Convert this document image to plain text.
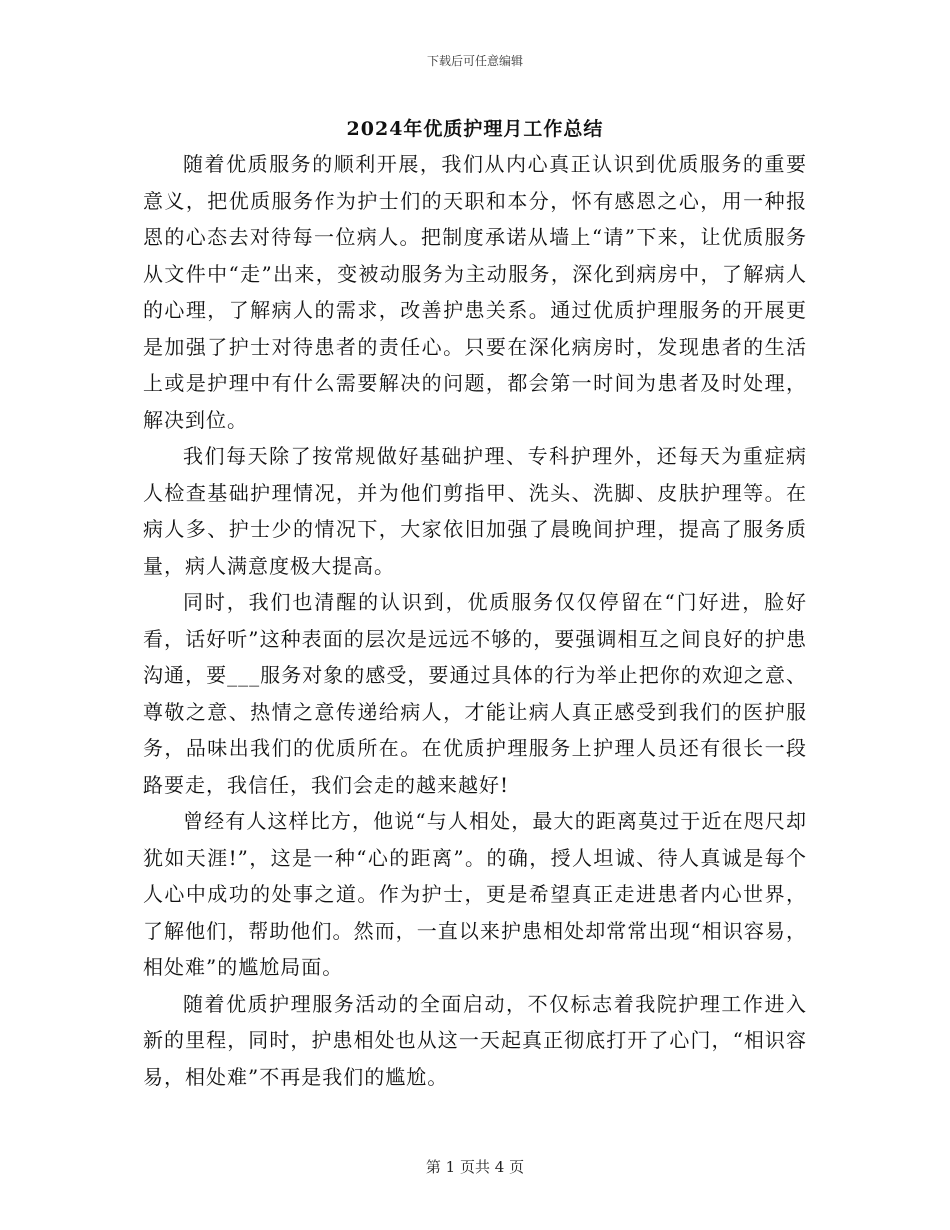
下载后可任意编辑
2024年优质护理月工作总结

随着优质服务的顺利开展，我们从内心真正认识到优质服务的重要意义，把优质服务作为护士们的天职和本分，怀有感恩之心，用一种报恩的心态去对待每一位病人。把制度承诺从墙上“请”下来，让优质服务从文件中“走”出来，变被动服务为主动服务，深化到病房中，了解病人的心理，了解病人的需求，改善护患关系。通过优质护理服务的开展更是加强了护士对待患者的责任心。只要在深化病房时，发现患者的生活上或是护理中有什么需要解决的问题，都会第一时间为患者及时处理，解决到位。

我们每天除了按常规做好基础护理、专科护理外，还每天为重症病人检查基础护理情况，并为他们剪指甲、洗头、洗脚、皮肤护理等。在病人多、护士少的情况下，大家依旧加强了晨晚间护理，提高了服务质量，病人满意度极大提高。

同时，我们也清醒的认识到，优质服务仅仅停留在“门好进，脸好看，话好听”这种表面的层次是远远不够的，要强调相互之间良好的护患沟通，要___服务对象的感受，要通过具体的行为举止把你的欢迎之意、尊敬之意、热情之意传递给病人，才能让病人真正感受到我们的医护服务，品味出我们的优质所在。在优质护理服务上护理人员还有很长一段路要走，我信任，我们会走的越来越好!

曾经有人这样比方，他说“与人相处，最大的距离莫过于近在咫尺却犹如天涯!”，这是一种“心的距离”。的确，授人坦诚、待人真诚是每个人心中成功的处事之道。作为护士，更是希望真正走进患者内心世界，了解他们，帮助他们。然而，一直以来护患相处却常常出现“相识容易，相处难”的尴尬局面。

随着优质护理服务活动的全面启动，不仅标志着我院护理工作进入新的里程，同时，护患相处也从这一天起真正彻底打开了心门，“相识容易，相处难”不再是我们的尴尬。

第 1 页共 4 页
